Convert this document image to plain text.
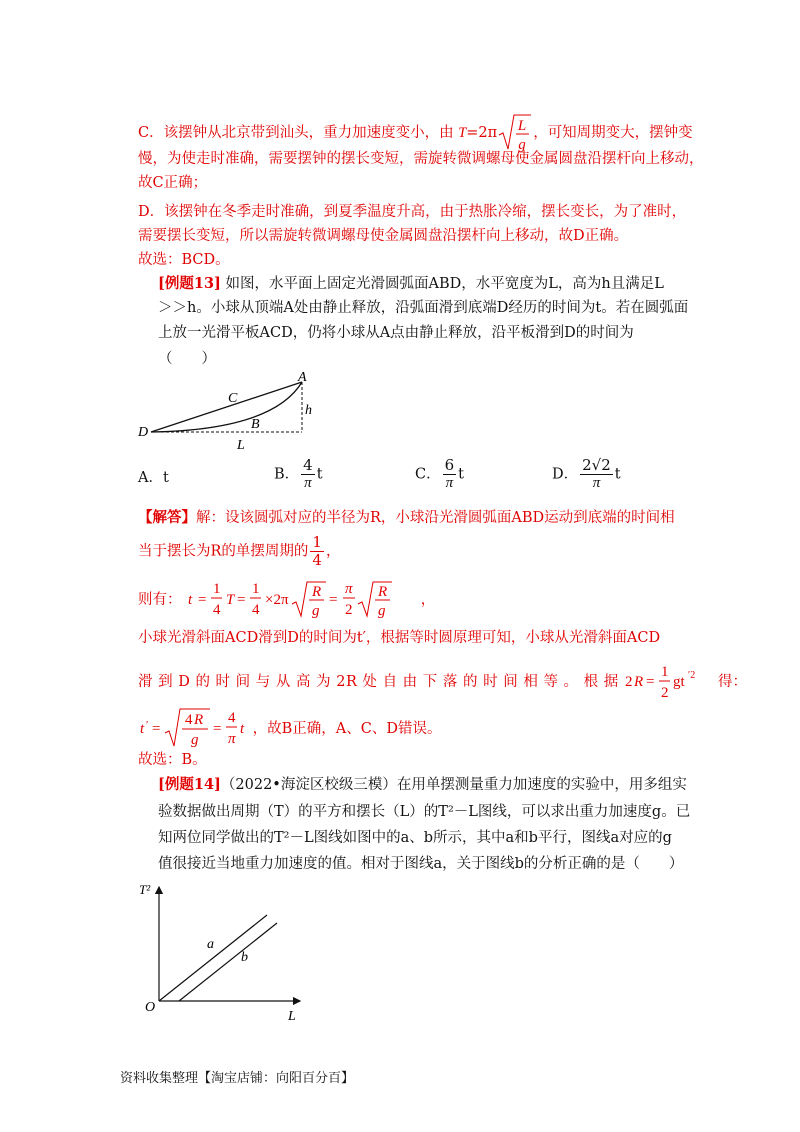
C．该摆钟从北京带到汕头，重力加速度变小，由 T=2π L
g
，可知周期变大，摆钟变
慢，为使走时准确，需要摆钟的摆长变短，需旋转微调螺母使金属圆盘沿摆杆向上移动，
故C正确；
D．该摆钟在冬季走时准确，到夏季温度升高，由于热胀冷缩，摆长变长，为了准时，
需要摆长变短，所以需旋转微调螺母使金属圆盘沿摆杆向上移动，故D正确。
故选：BCD。
[例题13] 如图，水平面上固定光滑圆弧面ABD，水平宽度为L，高为h且满足L
＞＞h。小球从顶端A处由静止释放，沿弧面滑到底端D经历的时间为t。若在圆弧面
上放一光滑平板ACD，仍将小球从A点由静止释放，沿平板滑到D的时间为
（　　）
A
C
h
B
D
L
A．t	B． $\frac{4}{\pi}$ t	C． $\frac{6}{\pi}$ t	D． $\frac{2√2}{\pi}$ t
【解答】解：设该圆弧对应的半径为R，小球沿光滑圆弧面ABD运动到底端的时间相
当于摆长为R的单摆周期的 $\frac{1}{4}$ ，
则有： t =
1
4
T =
1
4
×2π R
g
=
π
2
R
g
，
小球光滑斜面ACD滑到D的时间为t′，根据等时圆原理可知，小球从光滑斜面ACD
滑 到 D 的 时 间 与 从 高 为 2R 处 自 由 下 落 的 时 间 相 等 。 根 据 2 R =
1
2
gt ′2 得：
t ′ =
4 R
g
=
4
π
t ，故B正确，A、C、D错误。
故选：B。
[例题14]（2022•海淀区校级三模）在用单摆测量重力加速度的实验中，用多组实
验数据做出周期（T）的平方和摆长（L）的T²－L图线，可以求出重力加速度g。已
知两位同学做出的T²－L图线如图中的a、b所示，其中a和b平行，图线a对应的g
值很接近当地重力加速度的值。相对于图线a，关于图线b的分析正确的是（　　）
T²
L
O
a
b
资料收集整理【淘宝店铺：向阳百分百】
